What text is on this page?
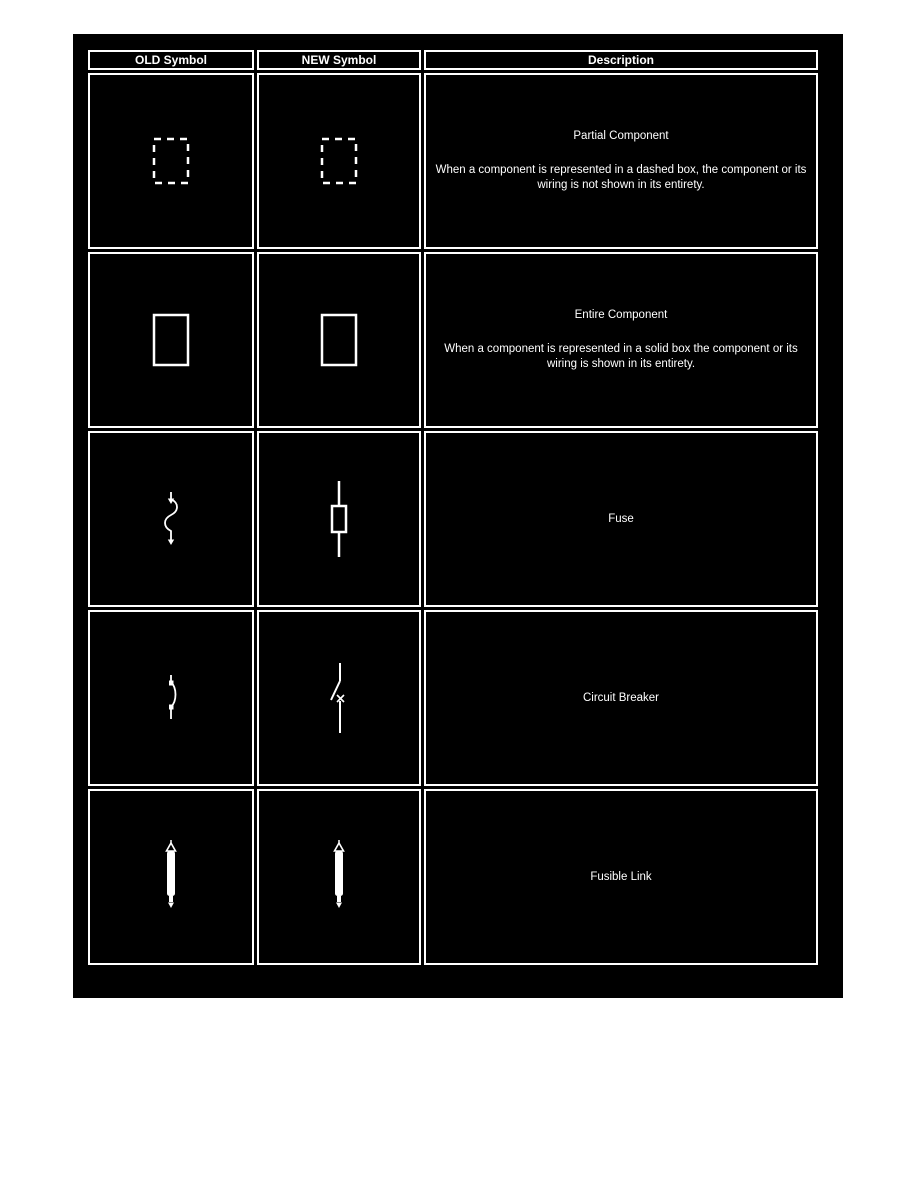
OLD Symbol	NEW Symbol	Description

Partial Component
When a component is represented in a dashed box, the component or its wiring is not shown in its entirety.

Entire Component
When a component is represented in a solid box the component or its wiring is shown in its entirety.

Fuse

Circuit Breaker

Fusible Link
